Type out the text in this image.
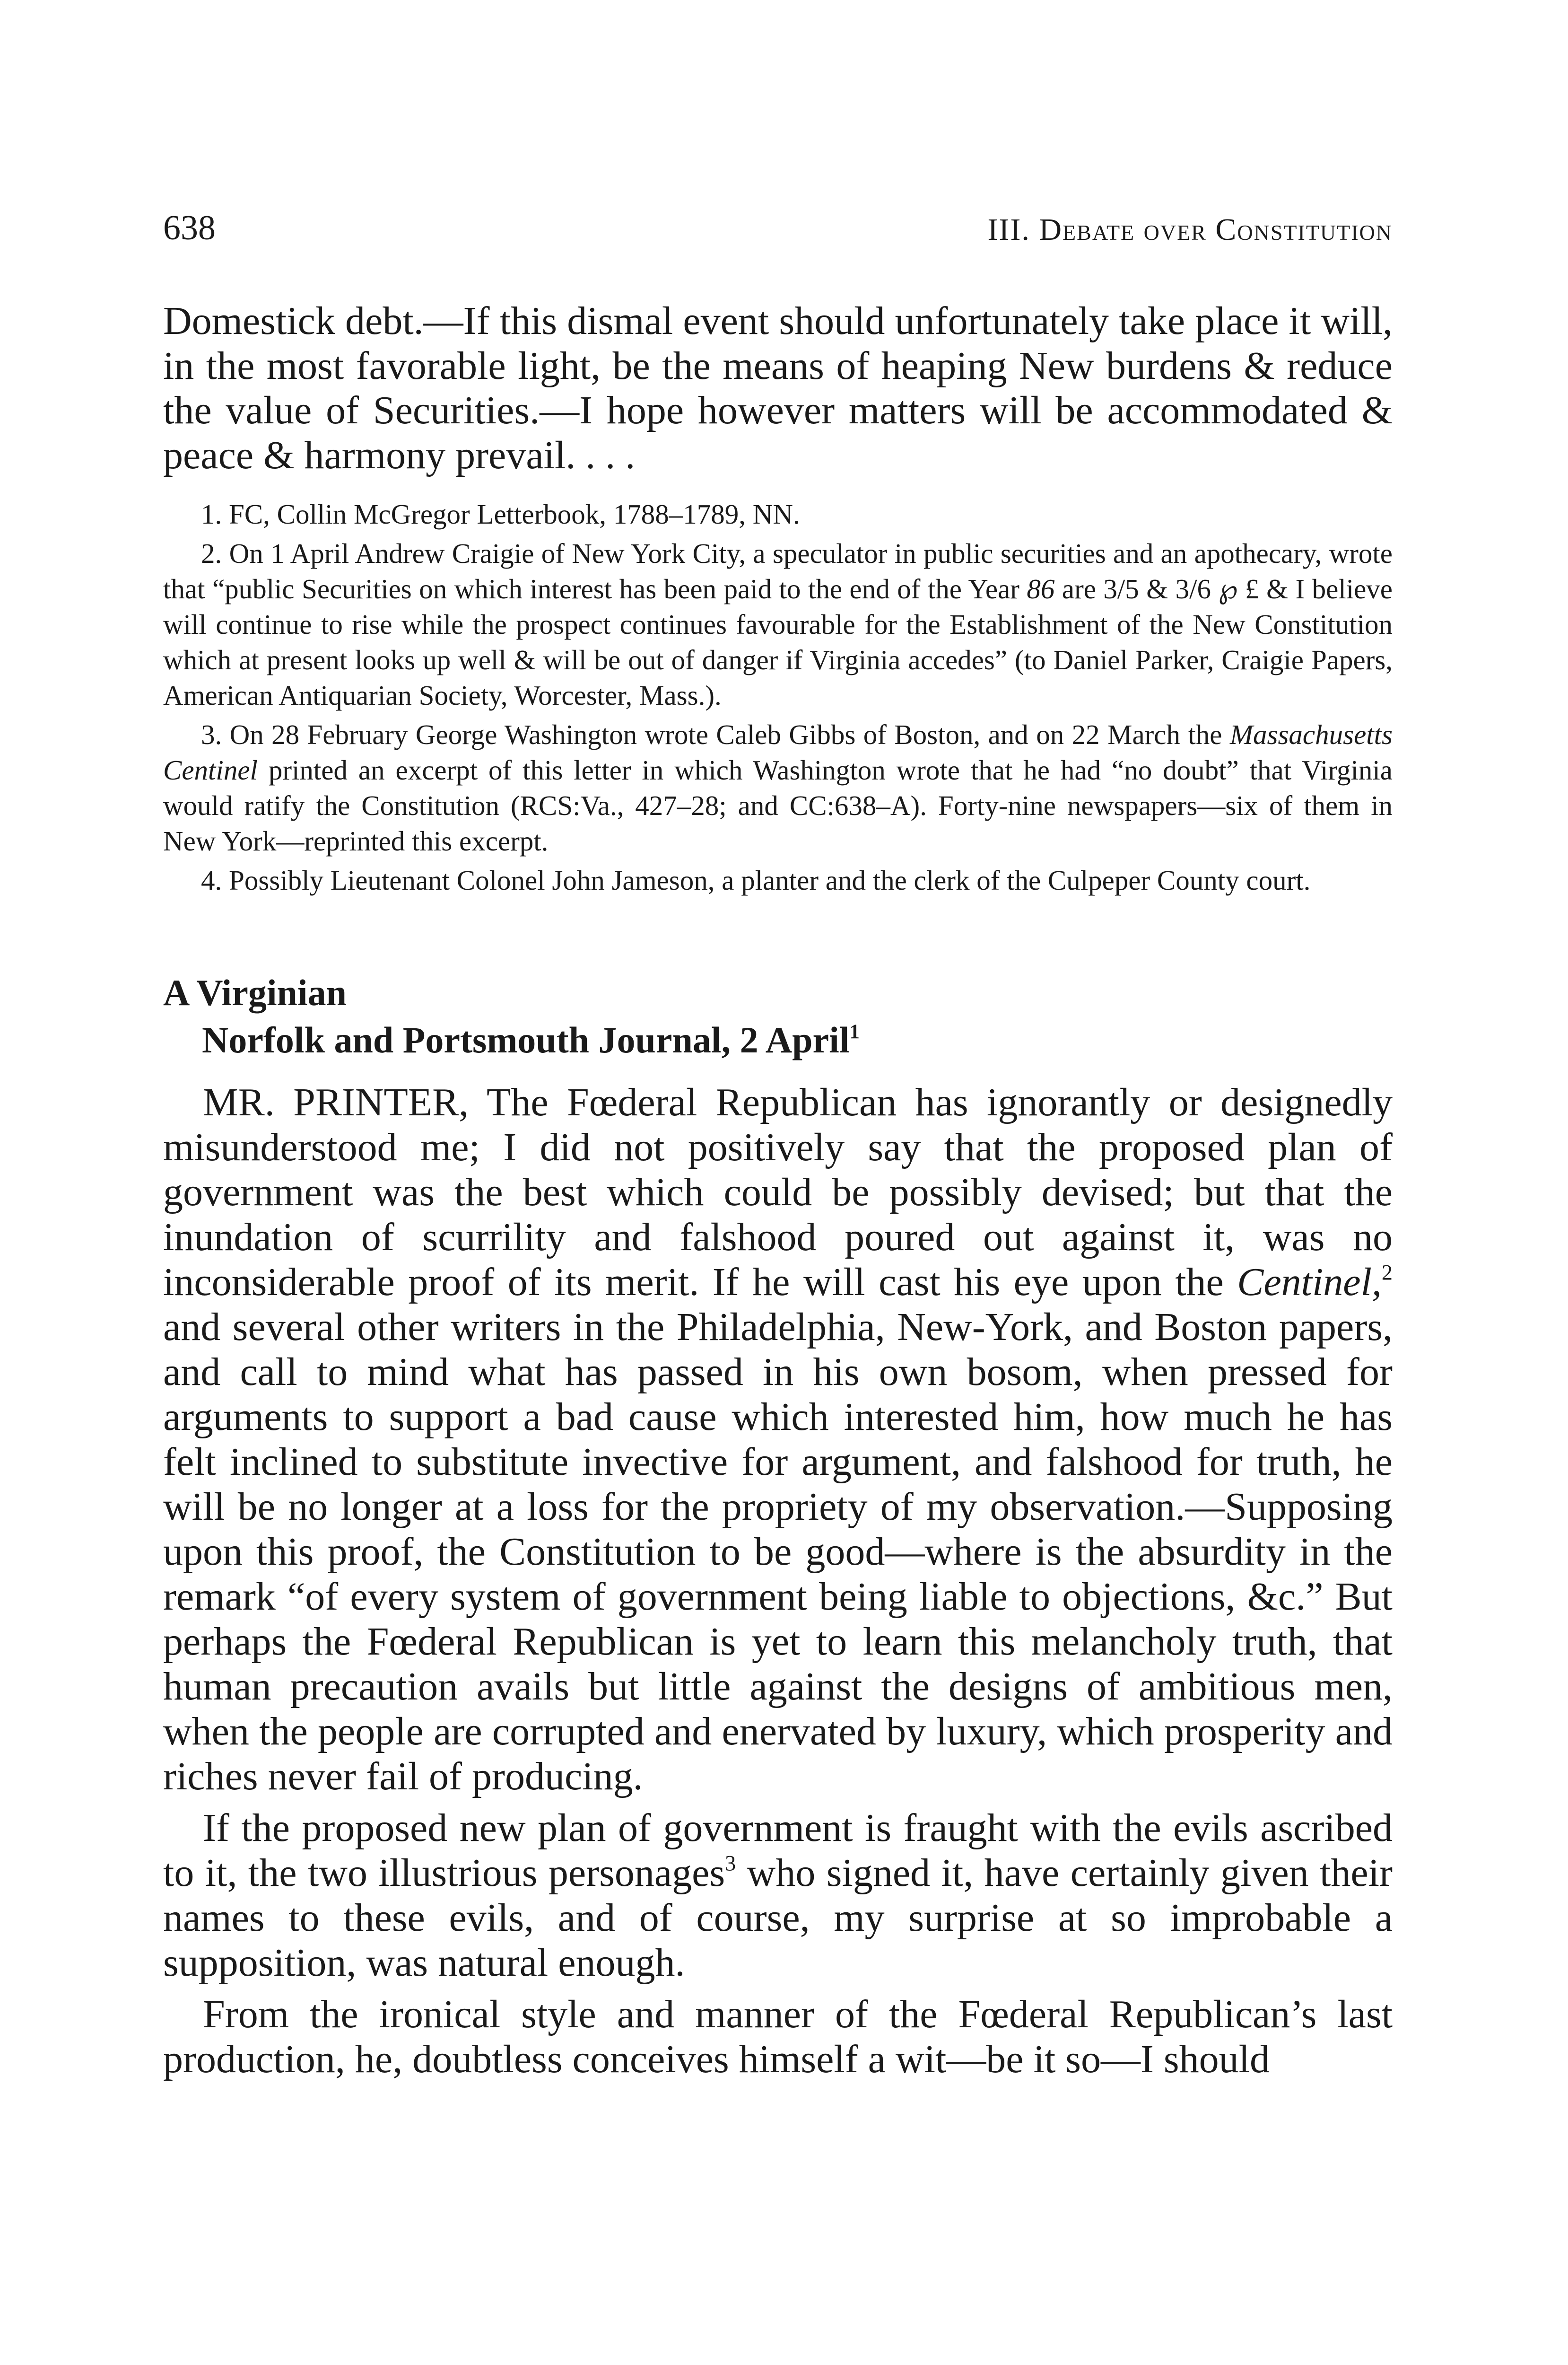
638	III. Debate over Constitution

Domestick debt.—If this dismal event should unfortunately take place it will, in the most favorable light, be the means of heaping New burdens & reduce the value of Securities.—I hope however matters will be accommodated & peace & harmony prevail. . . .

1. FC, Collin McGregor Letterbook, 1788–1789, NN.

2. On 1 April Andrew Craigie of New York City, a speculator in public securities and an apothecary, wrote that “public Securities on which interest has been paid to the end of the Year 86 are 3/5 & 3/6 ℘ £ & I believe will continue to rise while the prospect continues favourable for the Establishment of the New Constitution which at present looks up well & will be out of danger if Virginia accedes” (to Daniel Parker, Craigie Papers, American Antiquarian Society, Worcester, Mass.).

3. On 28 February George Washington wrote Caleb Gibbs of Boston, and on 22 March the Massachusetts Centinel printed an excerpt of this letter in which Washington wrote that he had “no doubt” that Virginia would ratify the Constitution (RCS:Va., 427–28; and CC:638–A). Forty-nine newspapers—six of them in New York—reprinted this excerpt.

4. Possibly Lieutenant Colonel John Jameson, a planter and the clerk of the Culpeper County court.

A Virginian
Norfolk and Portsmouth Journal, 2 April$^1$

MR. PRINTER, The Fœderal Republican has ignorantly or designedly misunderstood me; I did not positively say that the proposed plan of government was the best which could be possibly devised; but that the inundation of scurrility and falshood poured out against it, was no inconsiderable proof of its merit. If he will cast his eye upon the Centinel,$^2$ and several other writers in the Philadelphia, New-York, and Boston papers, and call to mind what has passed in his own bosom, when pressed for arguments to support a bad cause which interested him, how much he has felt inclined to substitute invective for argument, and falshood for truth, he will be no longer at a loss for the propriety of my observation.—Supposing upon this proof, the Constitution to be good—where is the absurdity in the remark “of every system of government being liable to objections, &c.” But perhaps the Fœderal Republican is yet to learn this melancholy truth, that human precaution avails but little against the designs of ambitious men, when the people are corrupted and enervated by luxury, which prosperity and riches never fail of producing.

If the proposed new plan of government is fraught with the evils ascribed to it, the two illustrious personages$^3$ who signed it, have certainly given their names to these evils, and of course, my surprise at so improbable a supposition, was natural enough.

From the ironical style and manner of the Fœderal Republican’s last production, he, doubtless conceives himself a wit—be it so—I should
